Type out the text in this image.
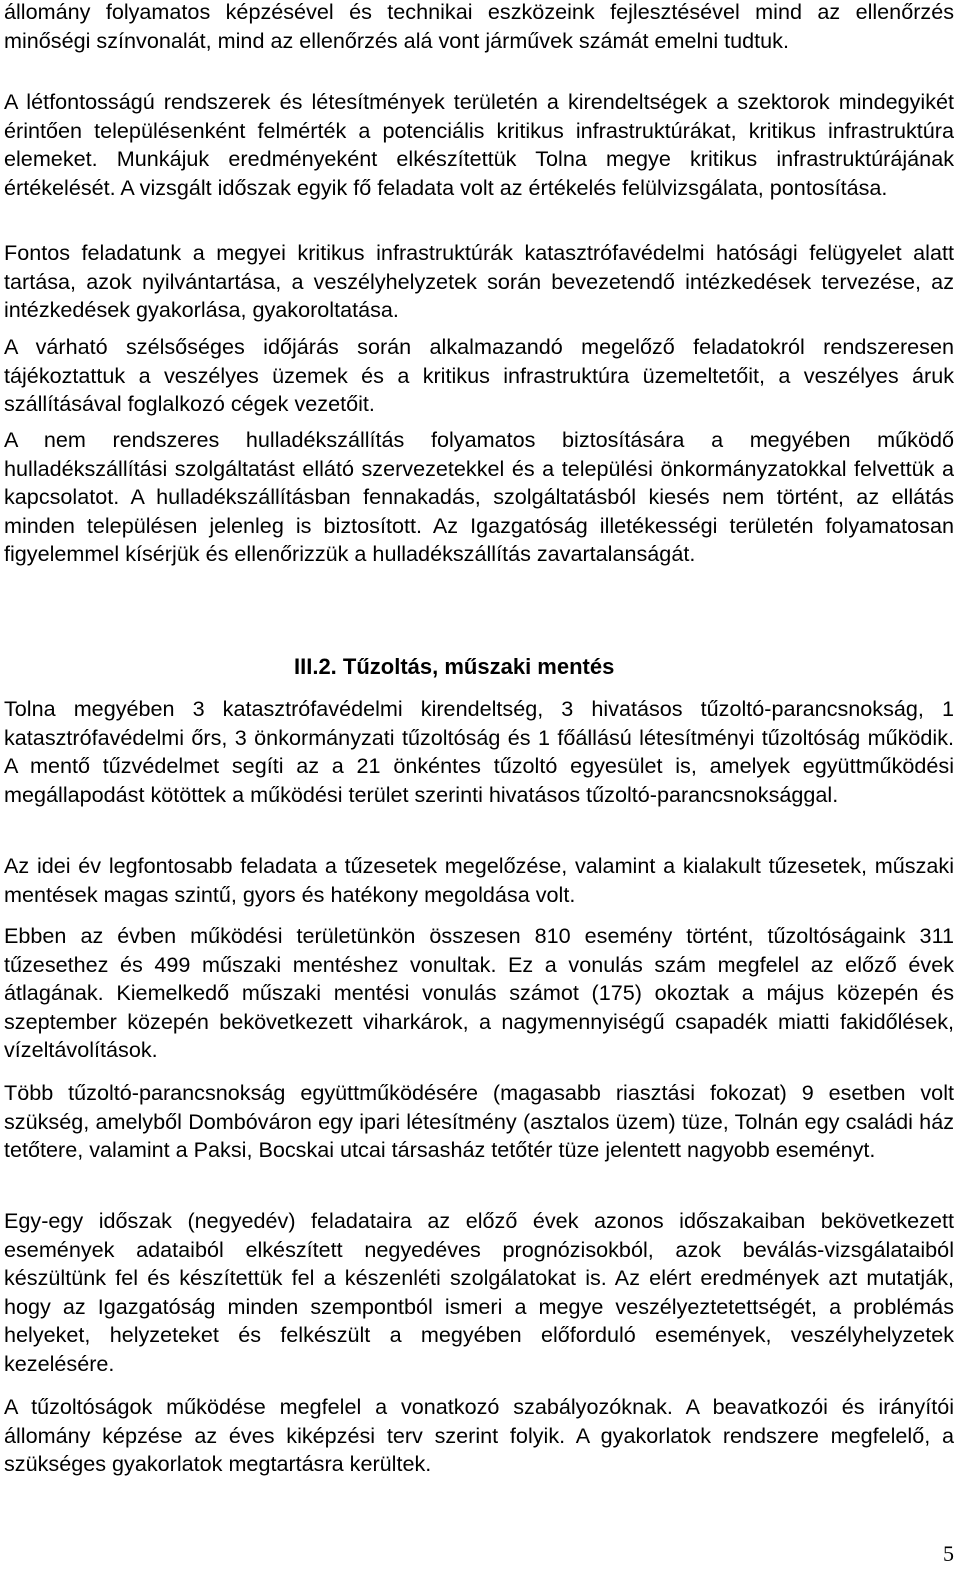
állomány folyamatos képzésével és technikai eszközeink fejlesztésével mind az ellenőrzés minőségi színvonalát, mind az ellenőrzés alá vont járművek számát emelni tudtuk.

A létfontosságú rendszerek és létesítmények területén a kirendeltségek a szektorok mindegyikét érintően településenként felmérték a potenciális kritikus infrastruktúrákat, kritikus infrastruktúra elemeket. Munkájuk eredményeként elkészítettük Tolna megye kritikus infrastruktúrájának értékelését. A vizsgált időszak egyik fő feladata volt az értékelés felülvizsgálata, pontosítása.

Fontos feladatunk a megyei kritikus infrastruktúrák katasztrófavédelmi hatósági felügyelet alatt tartása, azok nyilvántartása, a veszélyhelyzetek során bevezetendő intézkedések tervezése, az intézkedések gyakorlása, gyakoroltatása.

A várható szélsőséges időjárás során alkalmazandó megelőző feladatokról rendszeresen tájékoztattuk a veszélyes üzemek és a kritikus infrastruktúra üzemeltetőit, a veszélyes áruk szállításával foglalkozó cégek vezetőit.

A nem rendszeres hulladékszállítás folyamatos biztosítására a megyében működő hulladékszállítási szolgáltatást ellátó szervezetekkel és a települési önkormányzatokkal felvettük a kapcsolatot. A hulladékszállításban fennakadás, szolgáltatásból kiesés nem történt, az ellátás minden településen jelenleg is biztosított. Az Igazgatóság illetékességi területén folyamatosan figyelemmel kísérjük és ellenőrizzük a hulladékszállítás zavartalanságát.

III.2. Tűzoltás, műszaki mentés

Tolna megyében 3 katasztrófavédelmi kirendeltség, 3 hivatásos tűzoltó-parancsnokság, 1 katasztrófavédelmi őrs, 3 önkormányzati tűzoltóság és 1 főállású létesítményi tűzoltóság működik. A mentő tűzvédelmet segíti az a 21 önkéntes tűzoltó egyesület is, amelyek együttműködési megállapodást kötöttek a működési terület szerinti hivatásos tűzoltó-parancsnoksággal.

Az idei év legfontosabb feladata a tűzesetek megelőzése, valamint a kialakult tűzesetek, műszaki mentések magas szintű, gyors és hatékony megoldása volt.

Ebben az évben működési területünkön összesen 810 esemény történt, tűzoltóságaink 311 tűzesethez és 499 műszaki mentéshez vonultak. Ez a vonulás szám megfelel az előző évek átlagának. Kiemelkedő műszaki mentési vonulás számot (175) okoztak a május közepén és szeptember közepén bekövetkezett viharkárok, a nagymennyiségű csapadék miatti fakidőlések, vízeltávolítások.

Több tűzoltó-parancsnokság együttműködésére (magasabb riasztási fokozat) 9 esetben volt szükség, amelyből Dombóváron egy ipari létesítmény (asztalos üzem) tüze, Tolnán egy családi ház tetőtere, valamint a Paksi, Bocskai utcai társasház tetőtér tüze jelentett nagyobb eseményt.

Egy-egy időszak (negyedév) feladataira az előző évek azonos időszakaiban bekövetkezett események adataiból elkészített negyedéves prognózisokból, azok beválás-vizsgálataiból készültünk fel és készítettük fel a készenléti szolgálatokat is. Az elért eredmények azt mutatják, hogy az Igazgatóság minden szempontból ismeri a megye veszélyeztetettségét, a problémás helyeket, helyzeteket és felkészült a megyében előforduló események, veszélyhelyzetek kezelésére.

A tűzoltóságok működése megfelel a vonatkozó szabályozóknak. A beavatkozói és irányítói állomány képzése az éves kiképzési terv szerint folyik. A gyakorlatok rendszere megfelelő, a szükséges gyakorlatok megtartásra kerültek.

5
